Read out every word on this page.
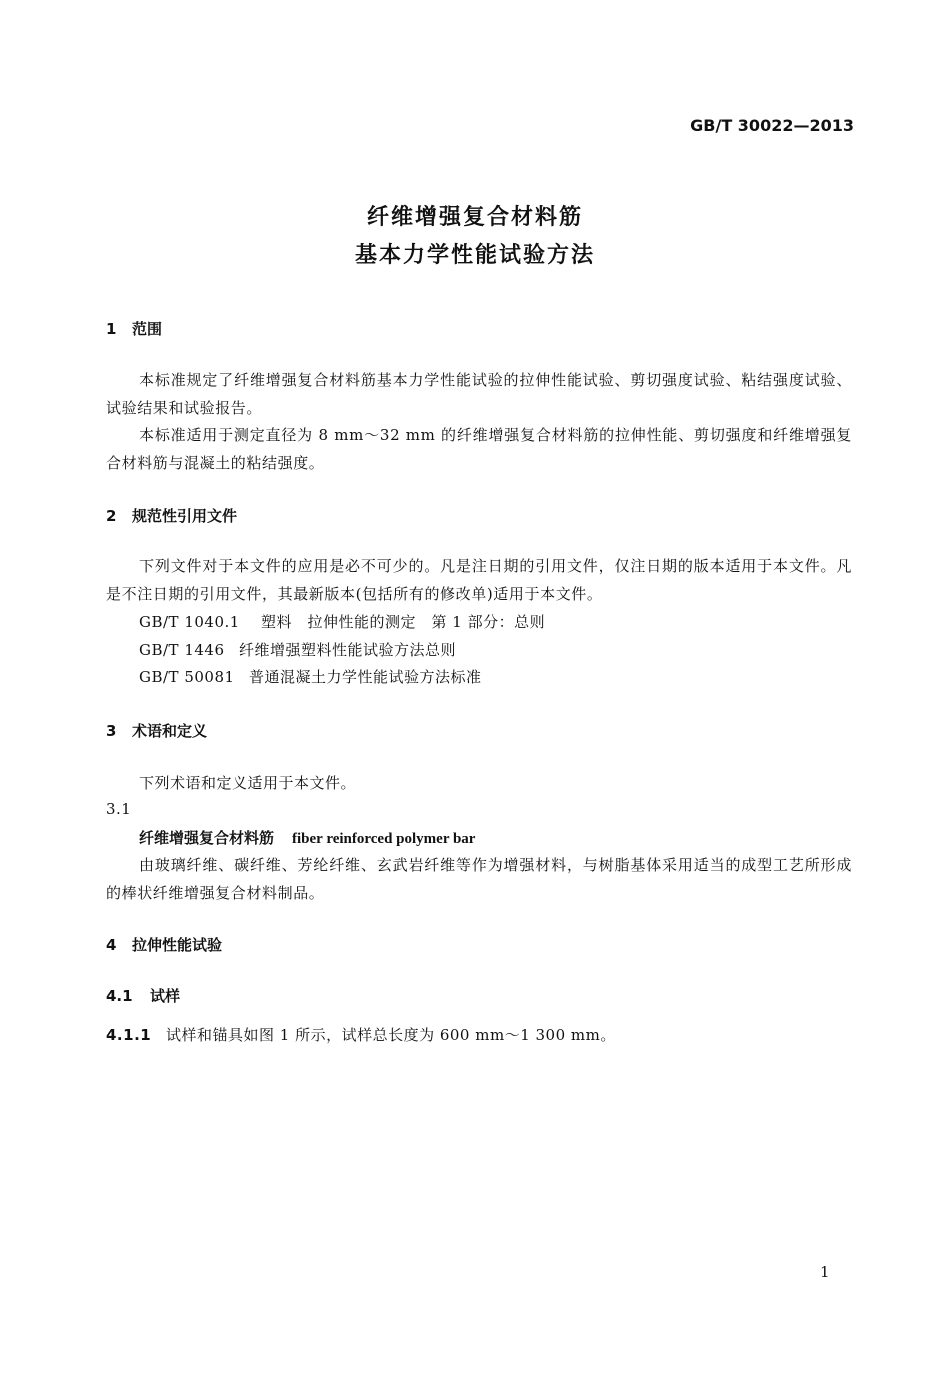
GB/T 30022—2013
纤维增强复合材料筋
基本力学性能试验方法
1 范围
本标准规定了纤维增强复合材料筋基本力学性能试验的拉伸性能试验、剪切强度试验、粘结强度试验、试验结果和试验报告。
本标准适用于测定直径为 8 mm～32 mm 的纤维增强复合材料筋的拉伸性能、剪切强度和纤维增强复合材料筋与混凝土的粘结强度。
2 规范性引用文件
下列文件对于本文件的应用是必不可少的。凡是注日期的引用文件，仅注日期的版本适用于本文件。凡是不注日期的引用文件，其最新版本(包括所有的修改单)适用于本文件。
GB/T 1040.1 塑料　拉伸性能的测定　第 1 部分：总则
GB/T 1446 纤维增强塑料性能试验方法总则
GB/T 50081 普通混凝土力学性能试验方法标准
3 术语和定义
下列术语和定义适用于本文件。
3.1
纤维增强复合材料筋 fiber reinforced polymer bar
由玻璃纤维、碳纤维、芳纶纤维、玄武岩纤维等作为增强材料，与树脂基体采用适当的成型工艺所形成的棒状纤维增强复合材料制品。
4 拉伸性能试验
4.1 试样
4.1.1 试样和锚具如图 1 所示，试样总长度为 600 mm～1 300 mm。
1
